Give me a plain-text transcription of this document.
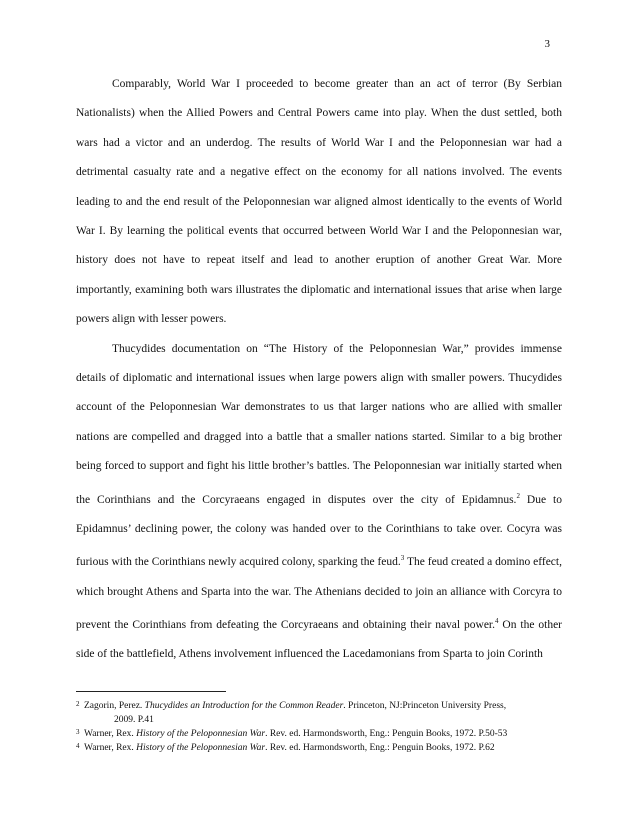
3

Comparably, World War I proceeded to become greater than an act of terror (By Serbian Nationalists) when the Allied Powers and Central Powers came into play. When the dust settled, both wars had a victor and an underdog. The results of World War I and the Peloponnesian war had a detrimental casualty rate and a negative effect on the economy for all nations involved. The events leading to and the end result of the Peloponnesian war aligned almost identically to the events of World War I. By learning the political events that occurred between World War I and the Peloponnesian war, history does not have to repeat itself and lead to another eruption of another Great War. More importantly, examining both wars illustrates the diplomatic and international issues that arise when large powers align with lesser powers.

Thucydides documentation on “The History of the Peloponnesian War,” provides immense details of diplomatic and international issues when large powers align with smaller powers. Thucydides account of the Peloponnesian War demonstrates to us that larger nations who are allied with smaller nations are compelled and dragged into a battle that a smaller nations started. Similar to a big brother being forced to support and fight his little brother’s battles. The Peloponnesian war initially started when the Corinthians and the Corcyraeans engaged in disputes over the city of Epidamnus.$^2$ Due to Epidamnus’ declining power, the colony was handed over to the Corinthians to take over. Cocyra was furious with the Corinthians newly acquired colony, sparking the feud.$^3$ The feud created a domino effect, which brought Athens and Sparta into the war. The Athenians decided to join an alliance with Corcyra to prevent the Corinthians from defeating the Corcyraeans and obtaining their naval power.$^4$ On the other side of the battlefield, Athens involvement influenced the Lacedamonians from Sparta to join Corinth

2 Zagorin, Perez. Thucydides an Introduction for the Common Reader. Princeton, NJ:Princeton University Press,
2009. P.41

3 Warner, Rex. History of the Peloponnesian War. Rev. ed. Harmondsworth, Eng.: Penguin Books, 1972. P.50-53

4 Warner, Rex. History of the Peloponnesian War. Rev. ed. Harmondsworth, Eng.: Penguin Books, 1972. P.62
